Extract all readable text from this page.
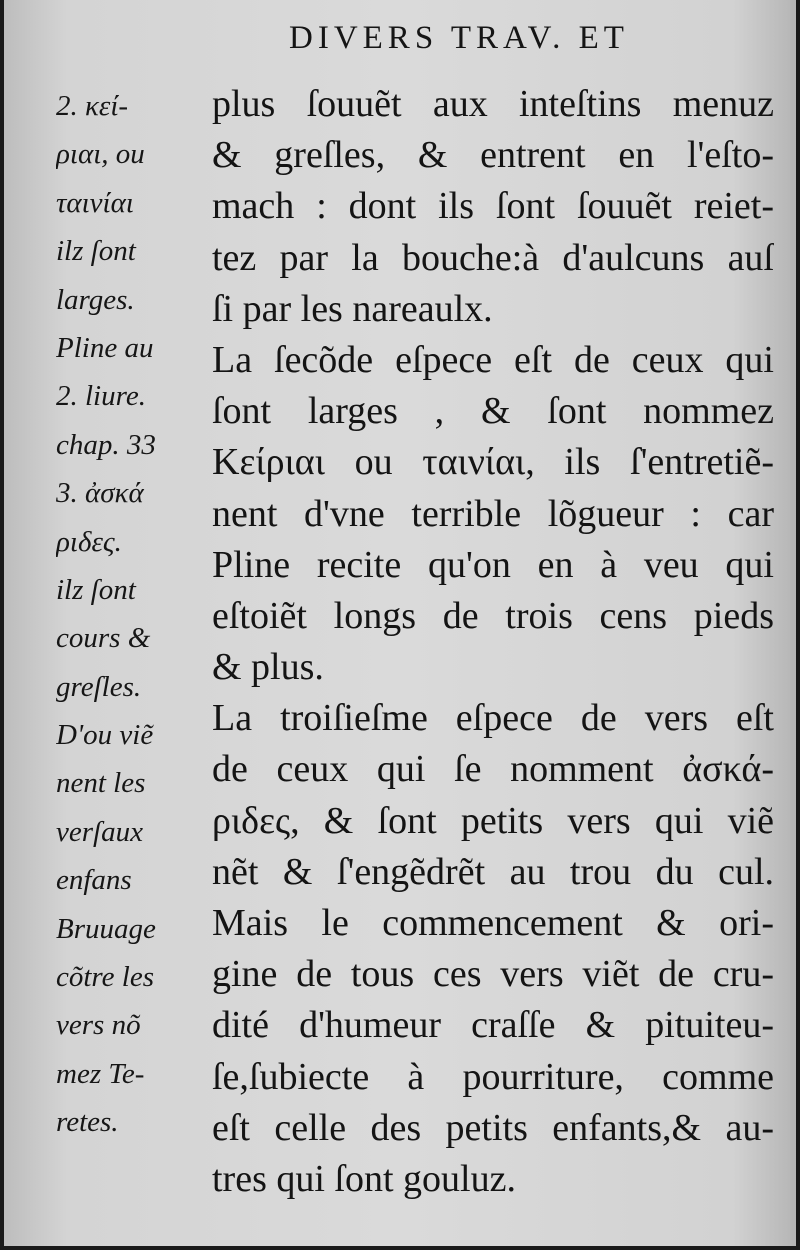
DIVERS TRAV. ET
2. κεί-
ριαι, ou
ταινίαι
ilz ſont
larges.
Pline au
2. liure.
chap. 33
3. ἀσκά
ριδες.
ilz ſont
cours &
greſles.
D'ou viẽ
nent les
verſaux
enfans
Bruuage
cõtre les
vers nõ
mez Te-
retes.
plus ſouuẽt aux inteſtins menuz
& greſles, & entrent en l'eſto-
mach : dont ils ſont ſouuẽt reiet-
tez par la bouche:à d'aulcuns auſ
ſi par les nareaulx.
La ſecõde eſpece eſt de ceux qui
ſont larges , & ſont nommez
Κείριαι ou ταινίαι, ils ſ'entretiẽ-
nent d'vne terrible lõgueur : car
Pline recite qu'on en à veu qui
eſtoiẽt longs de trois cens pieds
& plus.
La troiſieſme eſpece de vers eſt
de ceux qui ſe nomment ἀσκά-
ριδες, & ſont petits vers qui viẽ
nẽt & ſ'engẽdrẽt au trou du cul.
Mais le commencement & ori-
gine de tous ces vers viẽt de cru-
dité d'humeur craſſe & pituiteu-
ſe,ſubiecte à pourriture, comme
eſt celle des petits enfants,& au-
tres qui ſont gouluz.
